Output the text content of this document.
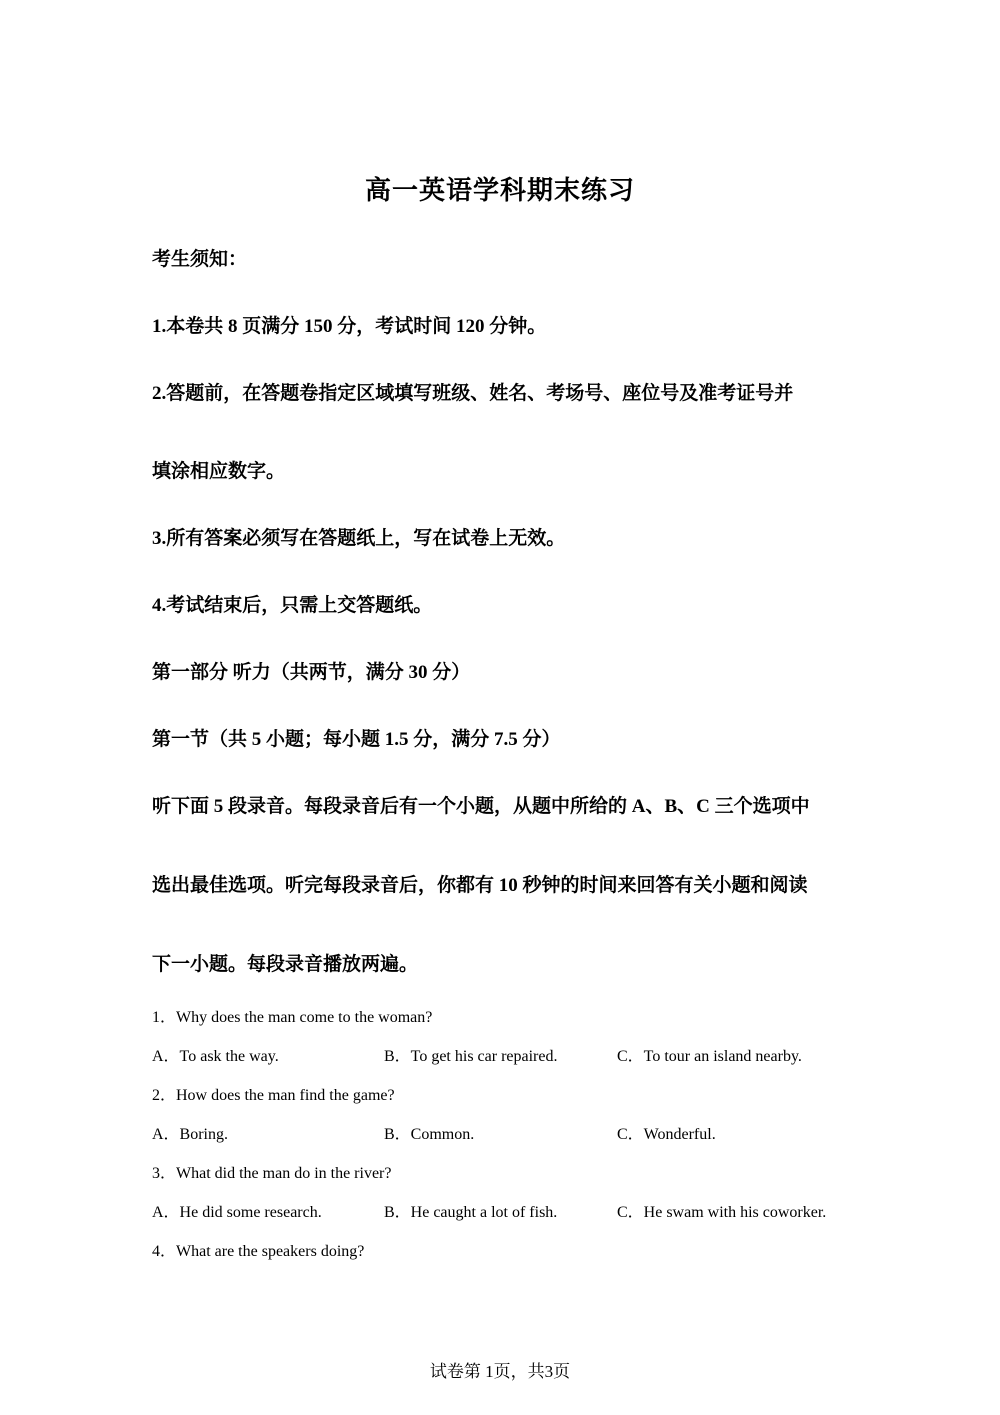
高一英语学科期末练习
考生须知：
1.本卷共 8 页满分 150 分，考试时间 120 分钟。
2.答题前，在答题卷指定区域填写班级、姓名、考场号、座位号及准考证号并
填涂相应数字。
3.所有答案必须写在答题纸上，写在试卷上无效。
4.考试结束后，只需上交答题纸。
第一部分 听力（共两节，满分 30 分）
第一节（共 5 小题；每小题 1.5 分，满分 7.5 分）
听下面 5 段录音。每段录音后有一个小题，从题中所给的 A、B、C 三个选项中
选出最佳选项。听完每段录音后，你都有 10 秒钟的时间来回答有关小题和阅读
下一小题。每段录音播放两遍。
1．Why does the man come to the woman?
A．To ask the way.	B．To get his car repaired.	C．To tour an island nearby.
2．How does the man find the game?
A．Boring.	B．Common.	C．Wonderful.
3．What did the man do in the river?
A．He did some research.	B．He caught a lot of fish.	C．He swam with his coworker.
4．What are the speakers doing?
试卷第 1页，共3页
